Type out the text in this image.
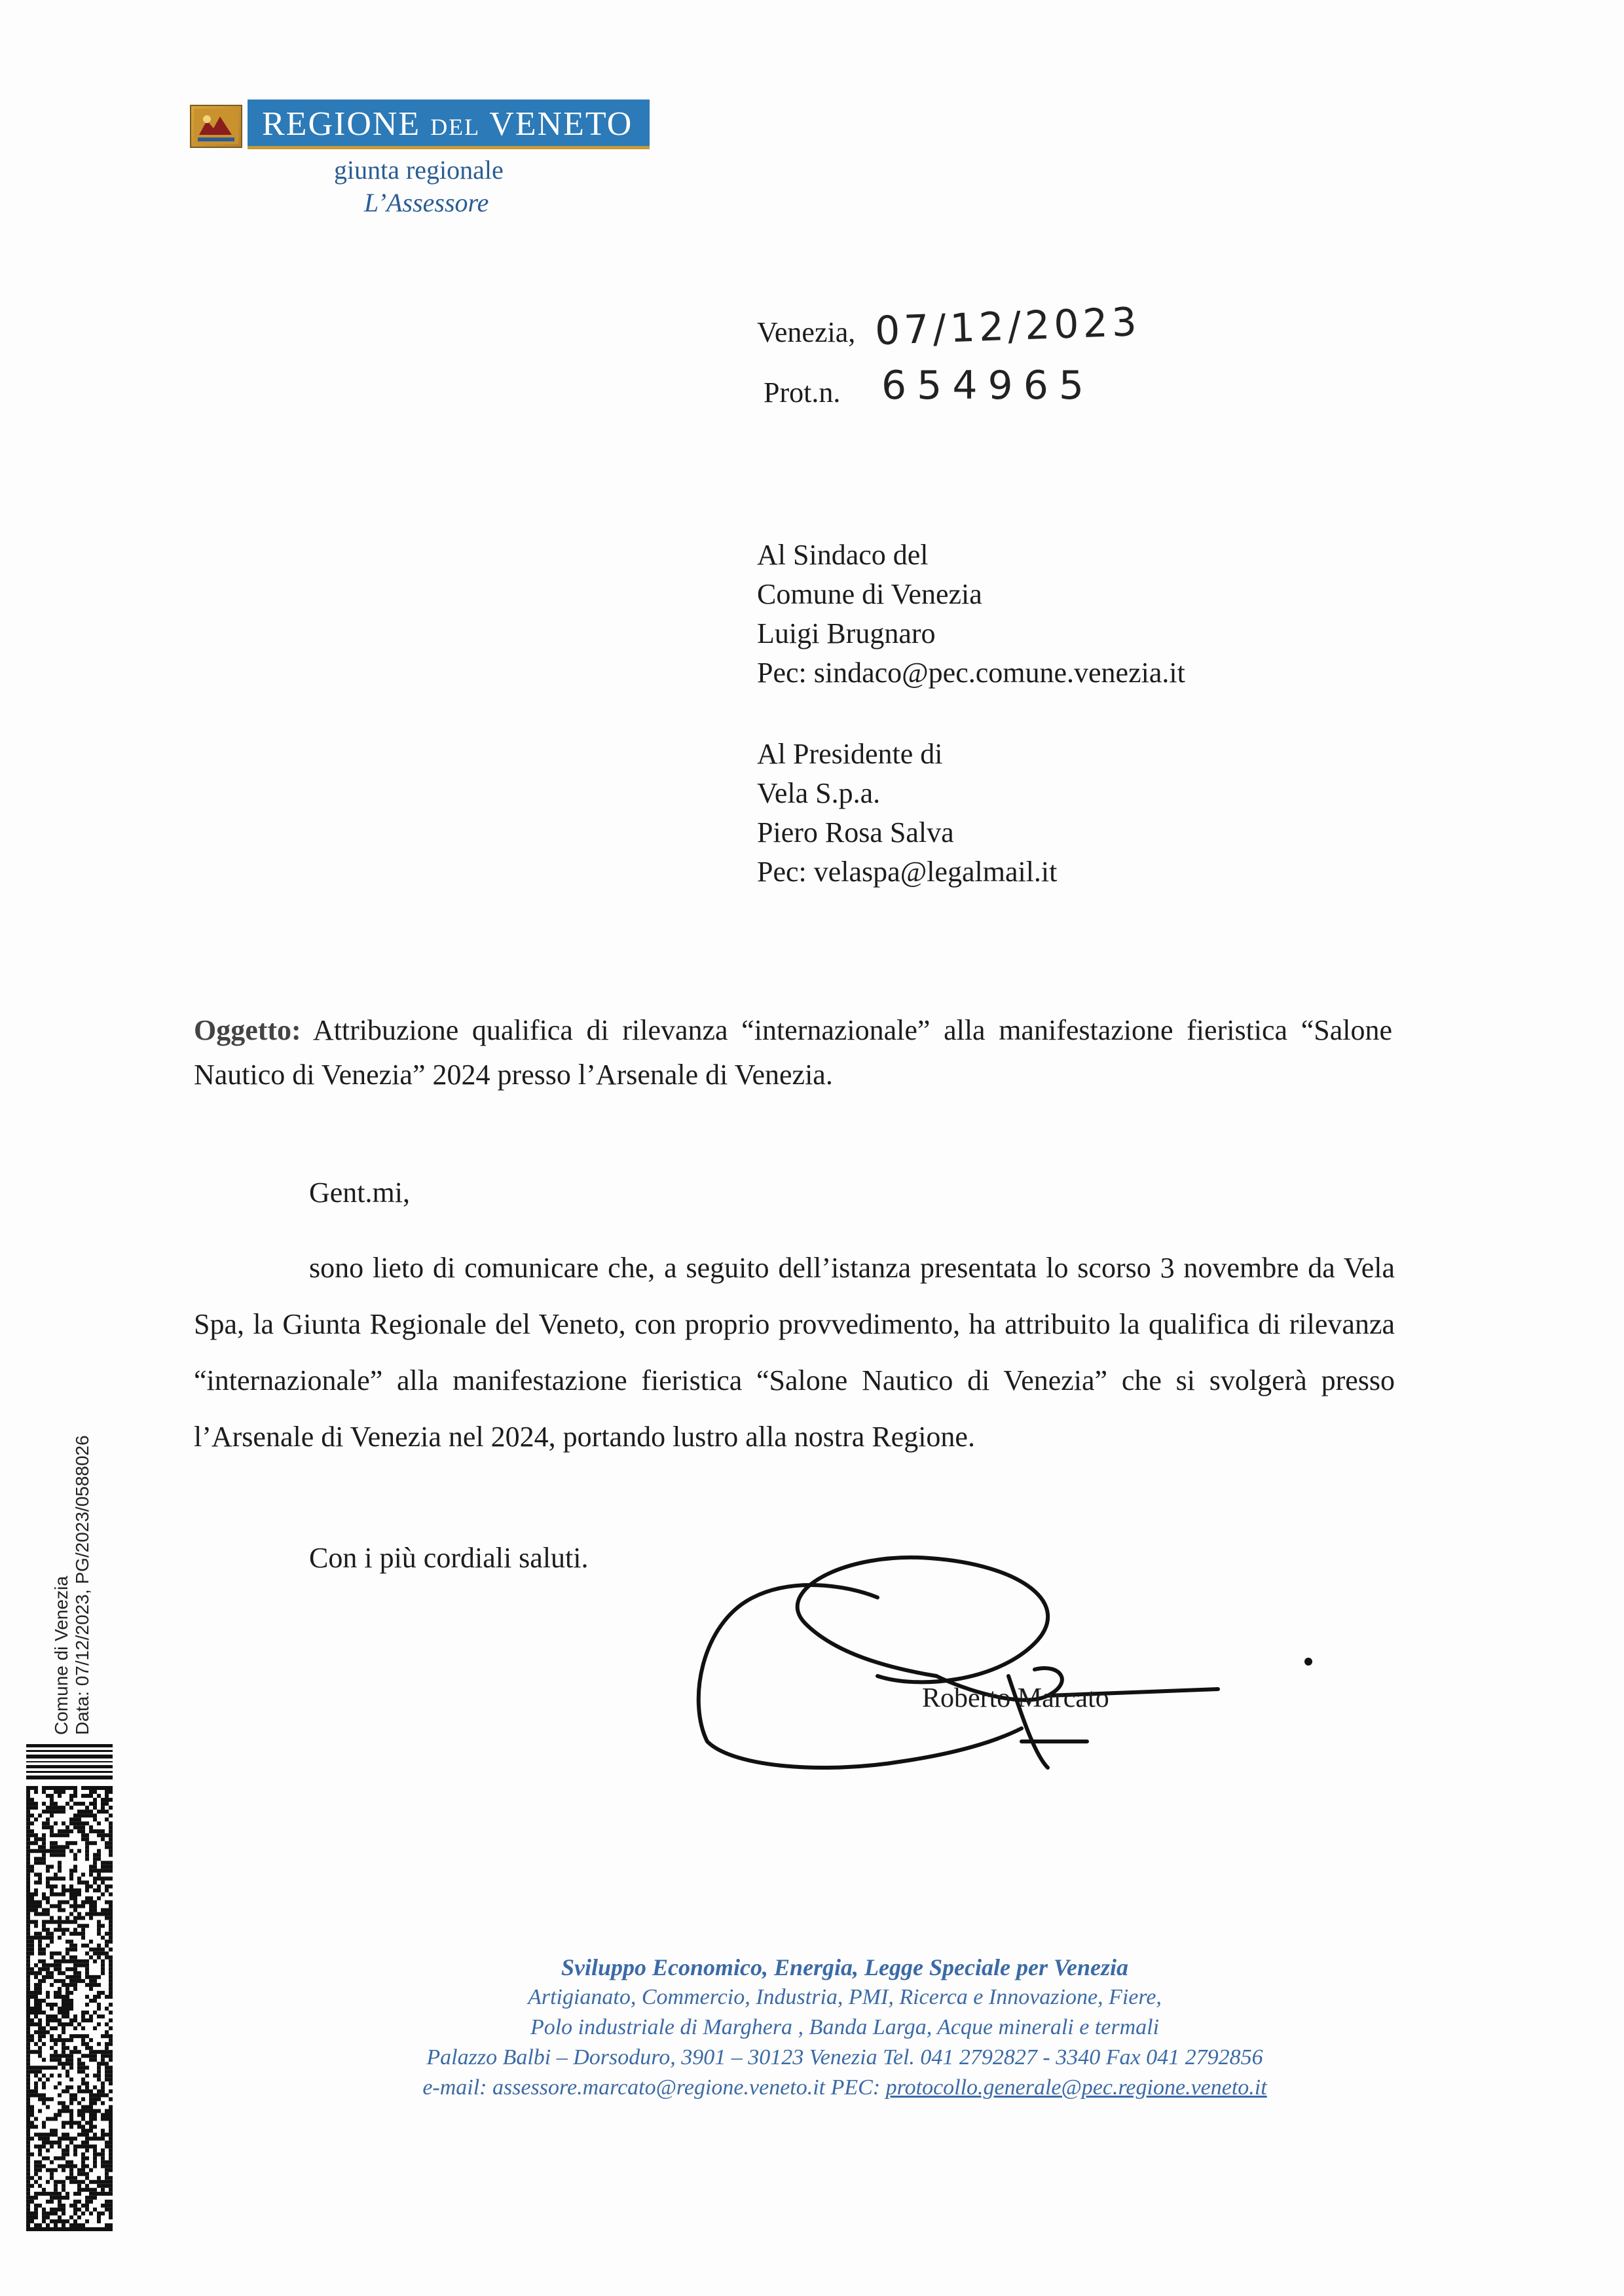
REGIONE DEL VENETO
giunta regionale
L’Assessore
Venezia, 07/12/2023
Prot.n. 654965
Al Sindaco del
Comune di Venezia
Luigi Brugnaro
Pec: sindaco@pec.comune.venezia.it
Al Presidente di
Vela S.p.a.
Piero Rosa Salva
Pec: velaspa@legalmail.it
Oggetto: Attribuzione qualifica di rilevanza “internazionale” alla manifestazione fieristica “Salone Nautico di Venezia” 2024 presso l’Arsenale di Venezia.
Gent.mi,
sono lieto di comunicare che, a seguito dell’istanza presentata lo scorso 3 novembre da Vela Spa, la Giunta Regionale del Veneto, con proprio provvedimento, ha attribuito la qualifica di rilevanza “internazionale” alla manifestazione fieristica “Salone Nautico di Venezia” che si svolgerà presso l’Arsenale di Venezia nel 2024, portando lustro alla nostra Regione.
Con i più cordiali saluti.
Roberto Marcato
Comune di Venezia Data: 07/12/2023, PG/2023/0588026
Sviluppo Economico, Energia, Legge Speciale per Venezia
Artigianato, Commercio, Industria, PMI, Ricerca e Innovazione, Fiere,
Polo industriale di Marghera , Banda Larga, Acque minerali e termali
Palazzo Balbi – Dorsoduro, 3901 – 30123 Venezia Tel. 041 2792827 - 3340 Fax 041 2792856
e-mail: assessore.marcato@regione.veneto.it PEC: protocollo.generale@pec.regione.veneto.it
